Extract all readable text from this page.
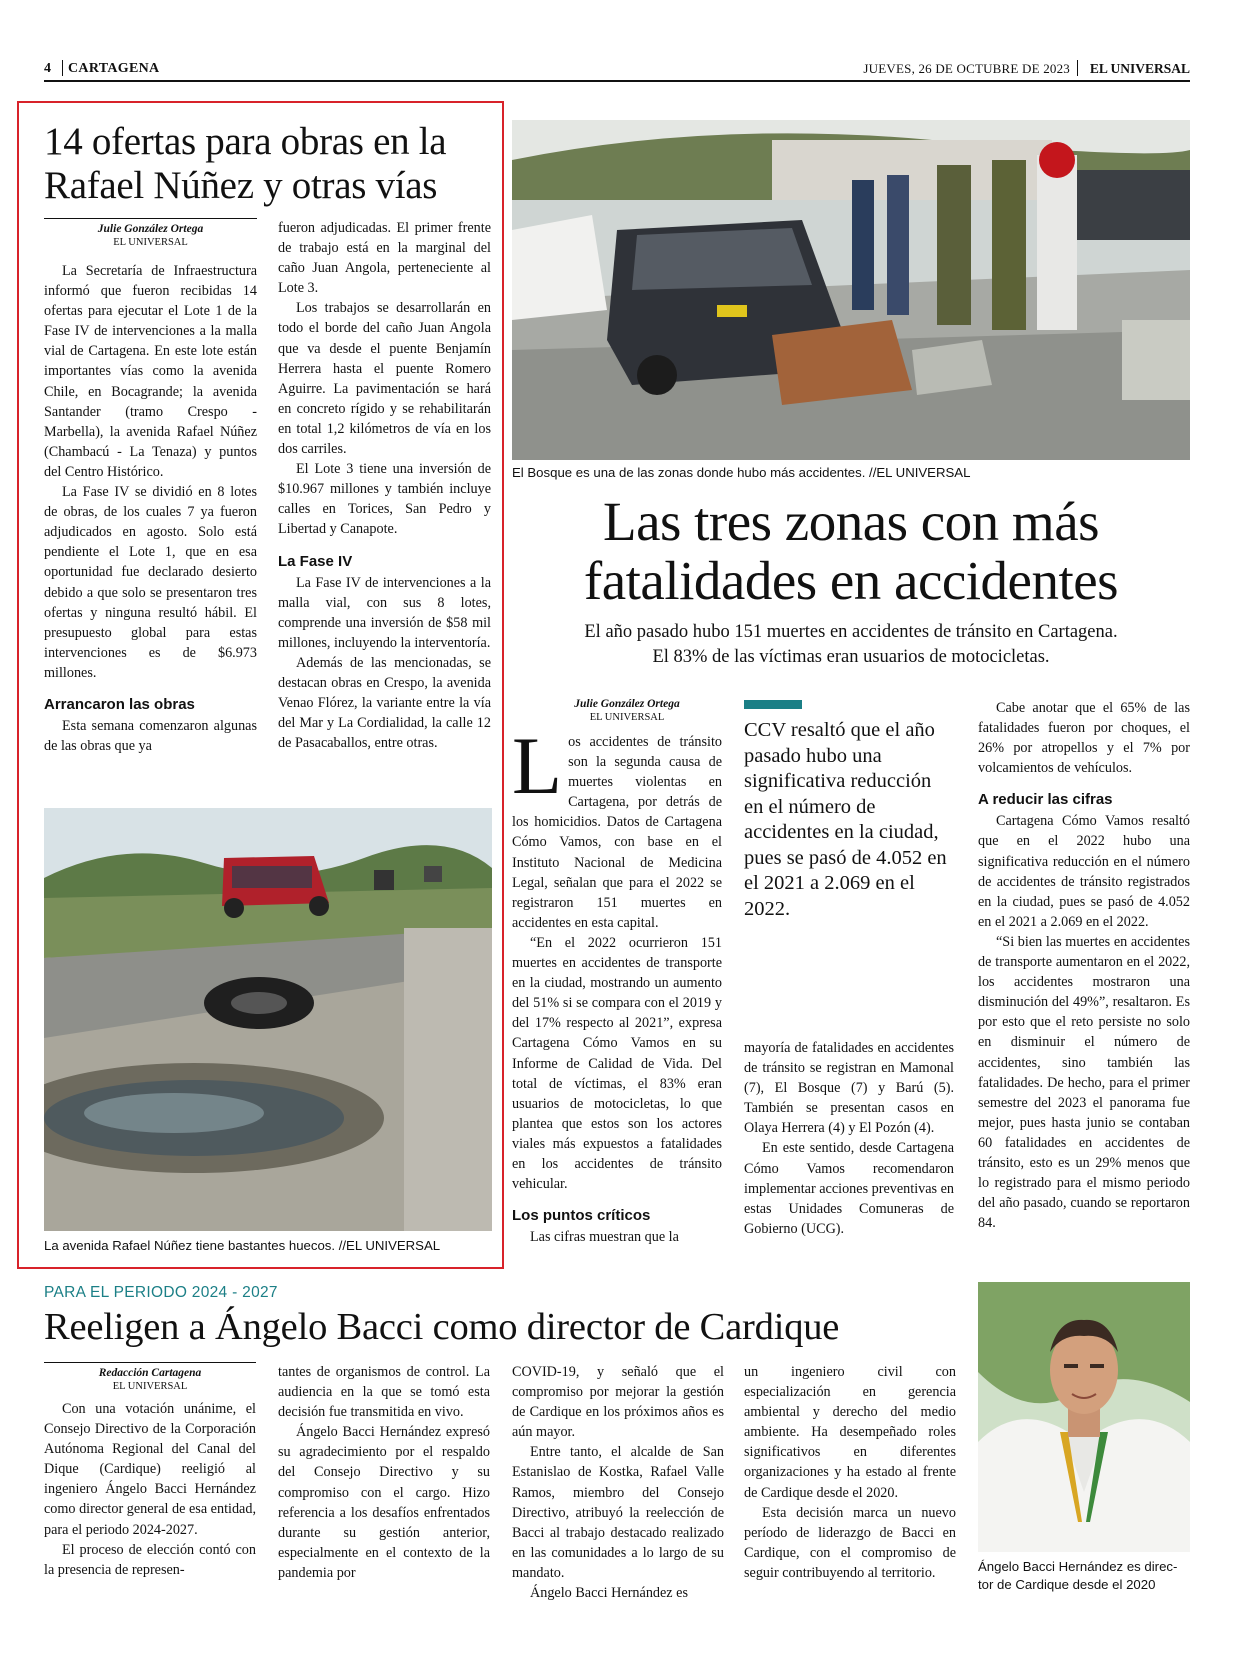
4 CARTAGENA	JUEVES, 26 DE OCTUBRE DE 2023 EL UNIVERSAL
14 ofertas para obras en la
Rafael Núñez y otras vías
Julie González Ortega
EL UNIVERSAL

La Secretaría de Infraestructura informó que fueron recibidas 14 ofertas para ejecutar el Lote 1 de la Fase IV de intervenciones a la malla vial de Cartagena. En este lote están importantes vías como la avenida Chile, en Bocagrande; la avenida Santander (tramo Crespo - Marbella), la avenida Rafael Núñez (Chambacú - La Tenaza) y puntos del Centro Histórico.

La Fase IV se dividió en 8 lotes de obras, de los cuales 7 ya fueron adjudicados en agosto. Solo está pendiente el Lote 1, que en esa oportunidad fue declarado desierto debido a que solo se presentaron tres ofertas y ninguna resultó hábil. El presupuesto global para estas intervenciones es de $6.973 millones.

Arrancaron las obras

Esta semana comenzaron algunas de las obras que ya

fueron adjudicadas. El primer frente de trabajo está en la marginal del caño Juan Angola, perteneciente al Lote 3.

Los trabajos se desarrollarán en todo el borde del caño Juan Angola que va desde el puente Benjamín Herrera hasta el puente Romero Aguirre. La pavimentación se hará en concreto rígido y se rehabilitarán en total 1,2 kilómetros de vía en los dos carriles.

El Lote 3 tiene una inversión de $10.967 millones y también incluye calles en Torices, San Pedro y Libertad y Canapote.

La Fase IV

La Fase IV de intervenciones a la malla vial, con sus 8 lotes, comprende una inversión de $58 mil millones, incluyendo la interventoría.

Además de las mencionadas, se destacan obras en Crespo, la avenida Venao Flórez, la variante entre la vía del Mar y La Cordialidad, la calle 12 de Pasacaballos, entre otras.

La avenida Rafael Núñez tiene bastantes huecos. //EL UNIVERSAL
El Bosque es una de las zonas donde hubo más accidentes. //EL UNIVERSAL
Las tres zonas con más
fatalidades en accidentes
El año pasado hubo 151 muertes en accidentes de tránsito en Cartagena.
El 83% de las víctimas eran usuarios de motocicletas.
Julie González Ortega
EL UNIVERSAL

Los accidentes de tránsito son la segunda causa de muertes violentas en Cartagena, por detrás de los homicidios. Datos de Cartagena Cómo Vamos, con base en el Instituto Nacional de Medicina Legal, señalan que para el 2022 se registraron 151 muertes en accidentes en esta capital.

“En el 2022 ocurrieron 151 muertes en accidentes de transporte en la ciudad, mostrando un aumento del 51% si se compara con el 2019 y del 17% respecto al 2021”, expresa Cartagena Cómo Vamos en su Informe de Calidad de Vida. Del total de víctimas, el 83% eran usuarios de motocicletas, lo que plantea que estos son los actores viales más expuestos a fatalidades en los accidentes de tránsito vehicular.

Los puntos críticos

Las cifras muestran que la

CCV resaltó que el año pasado hubo una significativa reducción en el número de accidentes en la ciudad, pues se pasó de 4.052 en el 2021 a 2.069 en el 2022.

mayoría de fatalidades en accidentes de tránsito se registran en Mamonal (7), El Bosque (7) y Barú (5). También se presentan casos en Olaya Herrera (4) y El Pozón (4).

En este sentido, desde Cartagena Cómo Vamos recomendaron implementar acciones preventivas en estas Unidades Comuneras de Gobierno (UCG).

Cabe anotar que el 65% de las fatalidades fueron por choques, el 26% por atropellos y el 7% por volcamientos de vehículos.

A reducir las cifras

Cartagena Cómo Vamos resaltó que en el 2022 hubo una significativa reducción en el número de accidentes de tránsito registrados en la ciudad, pues se pasó de 4.052 en el 2021 a 2.069 en el 2022.

“Si bien las muertes en accidentes de transporte aumentaron en el 2022, los accidentes mostraron una disminución del 49%”, resaltaron. Es por esto que el reto persiste no solo en disminuir el número de accidentes, sino también las fatalidades. De hecho, para el primer semestre del 2023 el panorama fue mejor, pues hasta junio se contaban 60 fatalidades en accidentes de tránsito, esto es un 29% menos que lo registrado para el mismo periodo del año pasado, cuando se reportaron 84.

PARA EL PERIODO 2024 - 2027
Reeligen a Ángelo Bacci como director de Cardique
Redacción Cartagena
EL UNIVERSAL

Con una votación unánime, el Consejo Directivo de la Corporación Autónoma Regional del Canal del Dique (Cardique) reeligió al ingeniero Ángelo Bacci Hernández como director general de esa entidad, para el periodo 2024-2027.

El proceso de elección contó con la presencia de represen-

tantes de organismos de control. La audiencia en la que se tomó esta decisión fue transmitida en vivo.

Ángelo Bacci Hernández expresó su agradecimiento por el respaldo del Consejo Directivo y su compromiso con el cargo. Hizo referencia a los desafíos enfrentados durante su gestión anterior, especialmente en el contexto de la pandemia por

COVID-19, y señaló que el compromiso por mejorar la gestión de Cardique en los próximos años es aún mayor.

Entre tanto, el alcalde de San Estanislao de Kostka, Rafael Valle Ramos, miembro del Consejo Directivo, atribuyó la reelección de Bacci al trabajo destacado realizado en las comunidades a lo largo de su mandato.

Ángelo Bacci Hernández es

un ingeniero civil con especialización en gerencia ambiental y derecho del medio ambiente. Ha desempeñado roles significativos en diferentes organizaciones y ha estado al frente de Cardique desde el 2020.

Esta decisión marca un nuevo período de liderazgo de Bacci en Cardique, con el compromiso de seguir contribuyendo al territorio.	Ángelo Bacci Hernández es direc-
tor de Cardique desde el 2020
